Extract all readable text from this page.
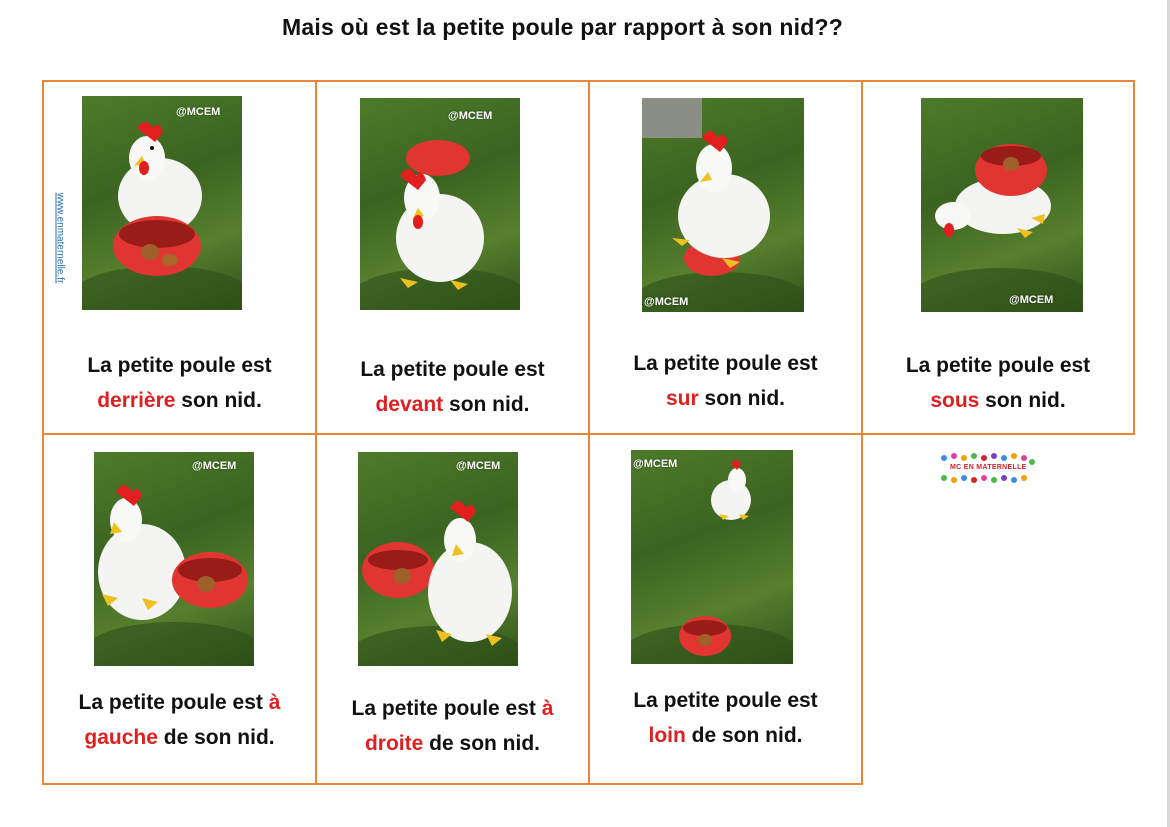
Mais où est la petite poule par rapport à son nid??
www.enmaternelle.fr
@MCEM
La petite poule est
derrière son nid.
@MCEM
La petite poule est
devant son nid.
@MCEM
La petite poule est
sur son nid.
@MCEM
La petite poule est
sous son nid.
@MCEM
La petite poule est à
gauche de son nid.
@MCEM
La petite poule est à
droite de son nid.
@MCEM
La petite poule est
loin de son nid.
MC EN MATERNELLE
